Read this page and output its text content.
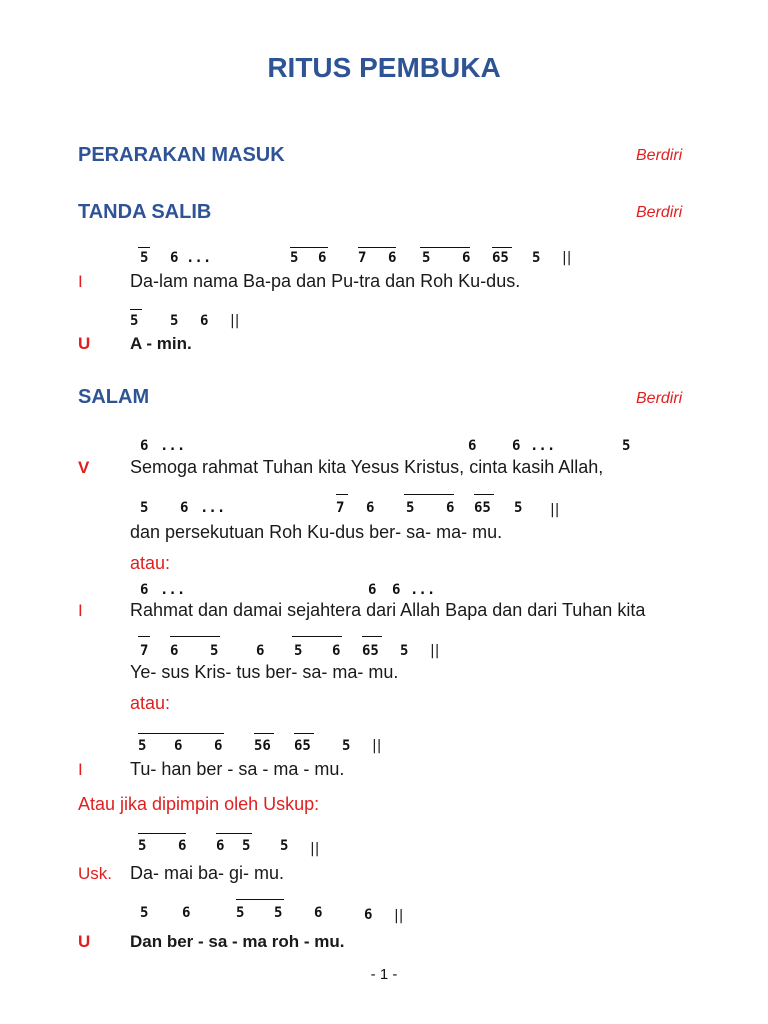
RITUS PEMBUKA
PERARAKAN MASUK	Berdiri
TANDA SALIB	Berdiri
5 6 ...	5 6 7 6 5 6 65 5 ||
I	Da-lam nama Ba-pa dan Pu-tra dan Roh Ku-dus.
5 5 6 ||
U A - min.
SALAM	Berdiri
6 ...	6	6 ...	5
V Semoga rahmat Tuhan kita Yesus Kristus, cinta kasih Allah,
5 6 ...	7 6 5 6 65 5 ||
dan persekutuan Roh Ku-dus ber- sa- ma- mu.
atau:
6 ...	6 6 ...
I	Rahmat dan damai sejahtera dari Allah Bapa dan dari Tuhan kita
7 6 5	6 5 6 65 5 ||
Ye- sus Kris- tus ber- sa- ma- mu.
atau:
5 6 6 56 65 5 ||
I	Tu- han ber - sa - ma - mu.
Atau jika dipimpin oleh Uskup:
5 6 6 5 5 ||
Usk. Da- mai ba- gi- mu.
5 6	5 5 6	6 ||
U Dan ber - sa - ma roh - mu.
- 1 -
